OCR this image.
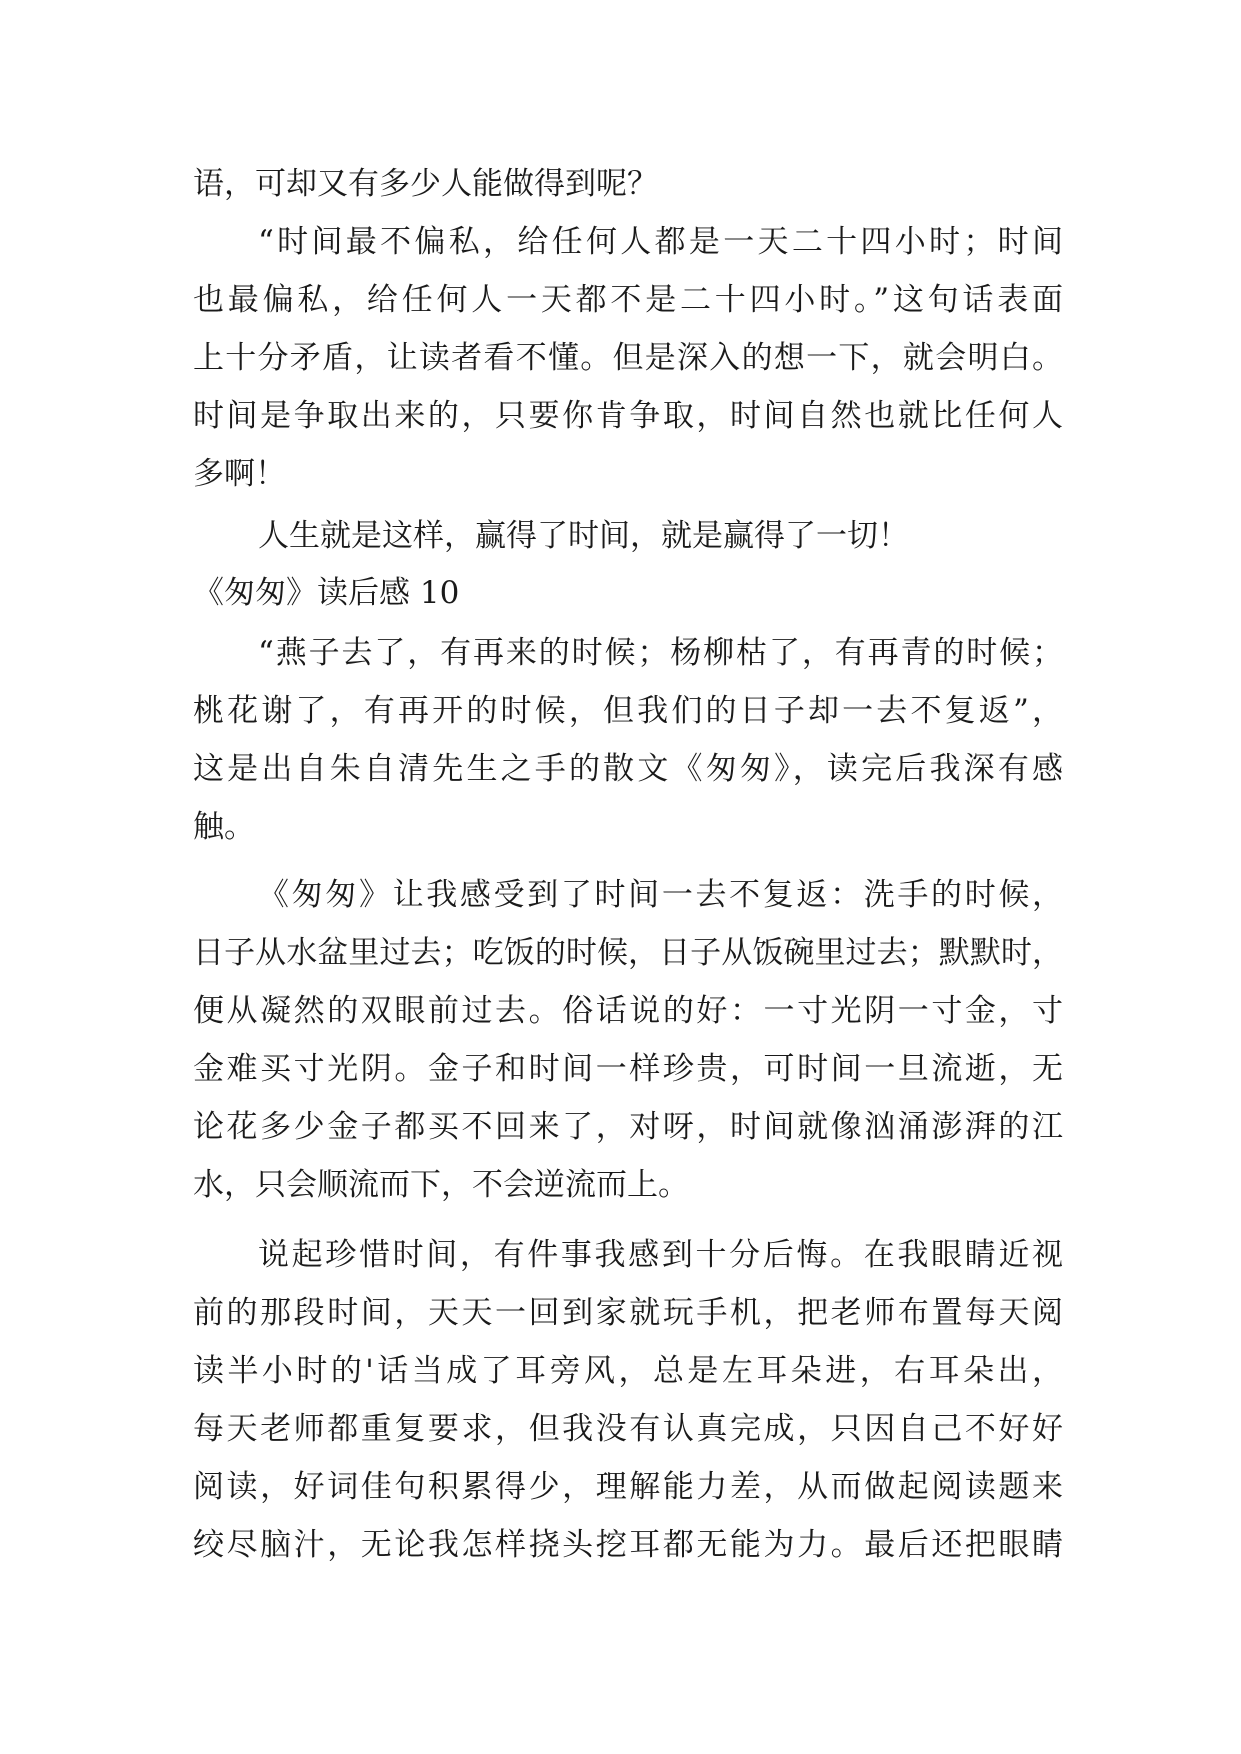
语，可却又有多少人能做得到呢？
“时间最不偏私，给任何人都是一天二十四小时；时间
也最偏私，给任何人一天都不是二十四小时。”这句话表面
上十分矛盾，让读者看不懂。但是深入的想一下，就会明白。
时间是争取出来的，只要你肯争取，时间自然也就比任何人
多啊！
人生就是这样，赢得了时间，就是赢得了一切！
《匆匆》读后感 10
“燕子去了，有再来的时候；杨柳枯了，有再青的时候；
桃花谢了，有再开的时候，但我们的日子却一去不复返”，
这是出自朱自清先生之手的散文《匆匆》，读完后我深有感
触。
《匆匆》让我感受到了时间一去不复返：洗手的时候，
日子从水盆里过去；吃饭的时候，日子从饭碗里过去；默默时，
便从凝然的双眼前过去。俗话说的好：一寸光阴一寸金，寸
金难买寸光阴。金子和时间一样珍贵，可时间一旦流逝，无
论花多少金子都买不回来了，对呀，时间就像汹涌澎湃的江
水，只会顺流而下，不会逆流而上。
说起珍惜时间，有件事我感到十分后悔。在我眼睛近视
前的那段时间，天天一回到家就玩手机，把老师布置每天阅
读半小时的'话当成了耳旁风，总是左耳朵进，右耳朵出，
每天老师都重复要求，但我没有认真完成，只因自己不好好
阅读，好词佳句积累得少，理解能力差，从而做起阅读题来
绞尽脑汁，无论我怎样挠头挖耳都无能为力。最后还把眼睛
